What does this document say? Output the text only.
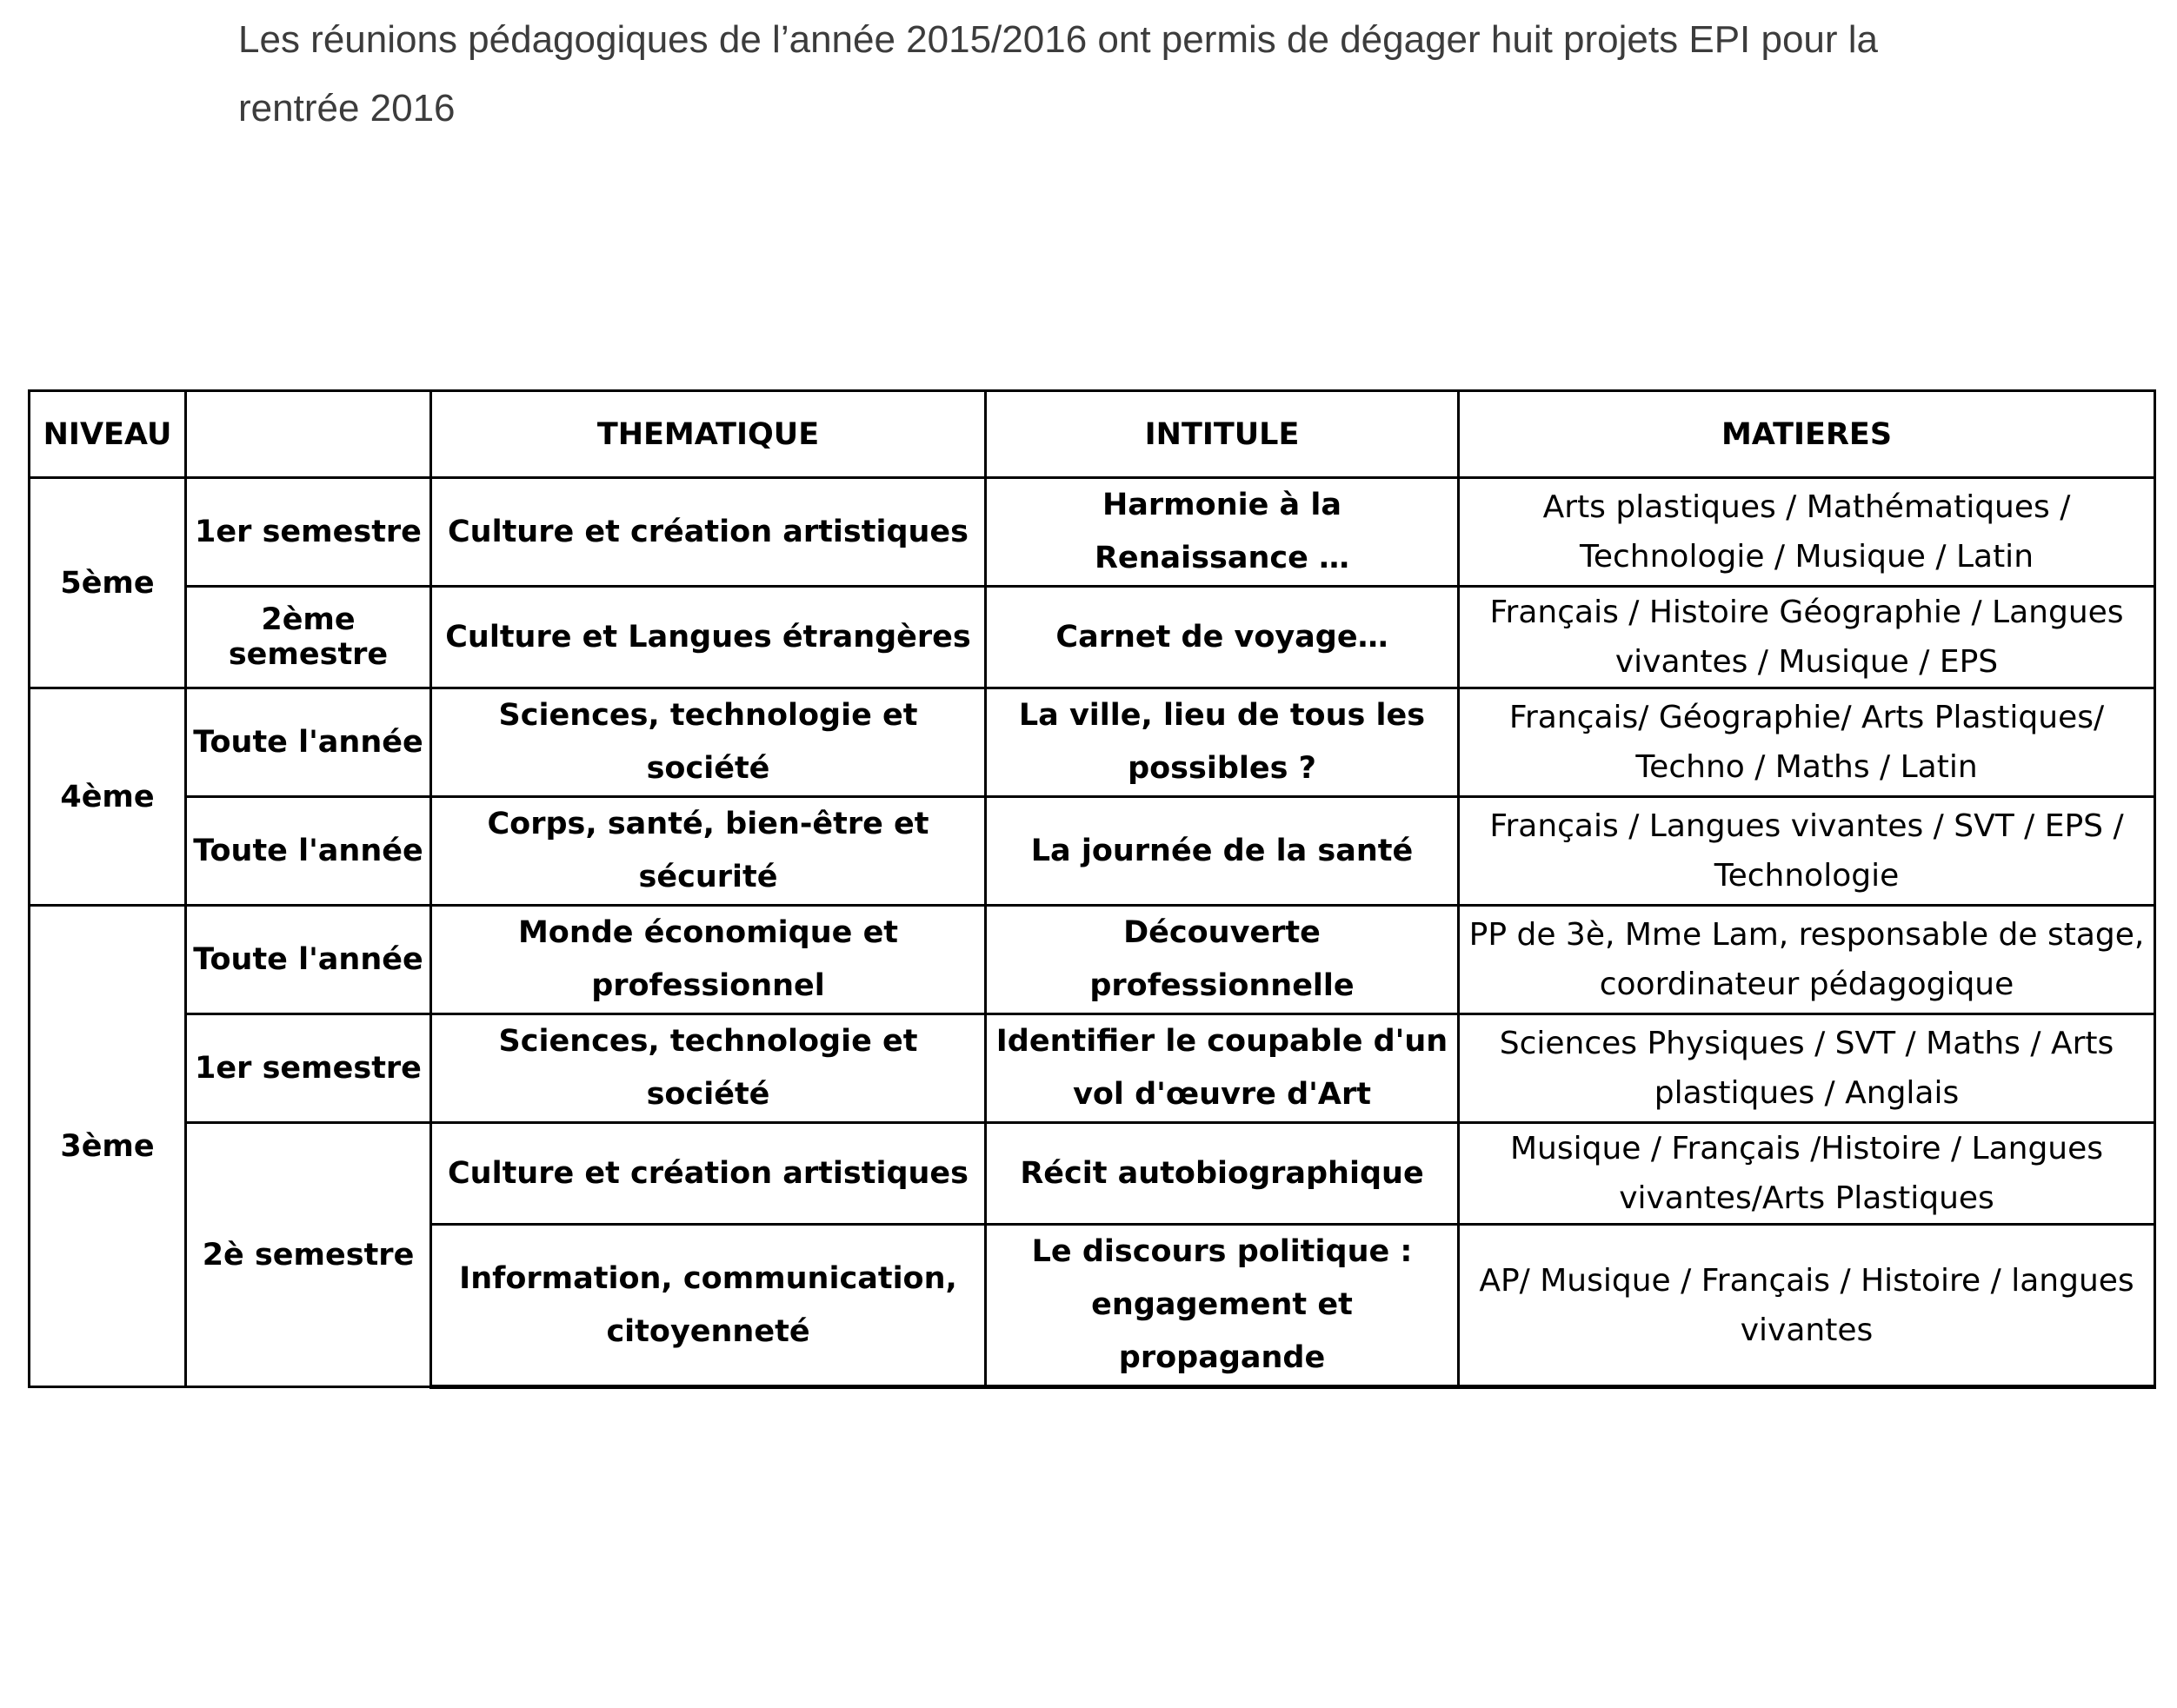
Les réunions pédagogiques de l’année 2015/2016 ont permis de dégager huit projets EPI pour la rentrée 2016

NIVEAU		THEMATIQUE	INTITULE	MATIERES
5ème	1er semestre	Culture et création artistiques	Harmonie à la Renaissance …	Arts plastiques / Mathématiques / Technologie / Musique / Latin
	2ème semestre	Culture et Langues étrangères	Carnet de voyage…	Français / Histoire Géographie / Langues vivantes / Musique / EPS
4ème	Toute l'année	Sciences, technologie et société	La ville, lieu de tous les possibles ?	Français/ Géographie/ Arts Plastiques/ Techno / Maths / Latin
	Toute l'année	Corps, santé, bien-être et sécurité	La journée de la santé	Français / Langues vivantes / SVT / EPS / Technologie
3ème	Toute l'année	Monde économique et professionnel	Découverte professionnelle	PP de 3è, Mme Lam, responsable de stage, coordinateur pédagogique
	1er semestre	Sciences, technologie et société	Identifier le coupable d'un vol d'œuvre d'Art	Sciences Physiques / SVT / Maths / Arts plastiques / Anglais
	2è semestre	Culture et création artistiques	Récit autobiographique	Musique / Français /Histoire / Langues vivantes/Arts Plastiques
		Information, communication, citoyenneté	Le discours politique : engagement et propagande	AP/ Musique / Français / Histoire / langues vivantes
